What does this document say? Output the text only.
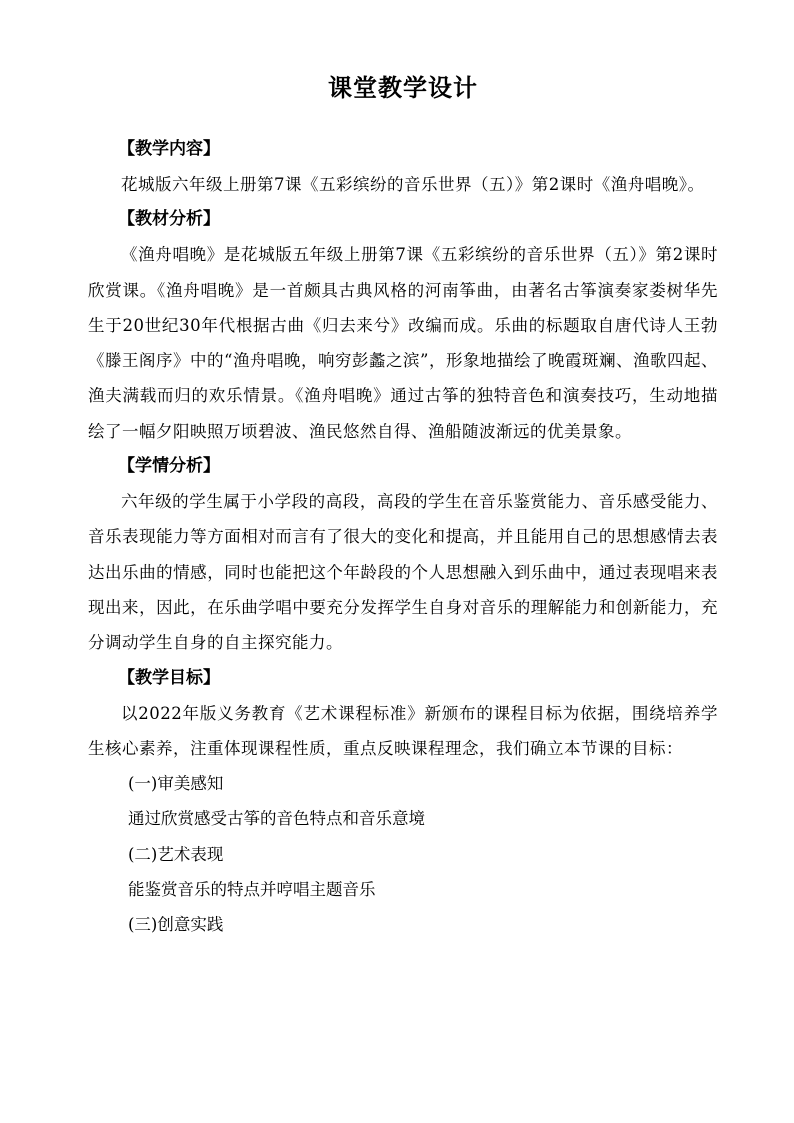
课堂教学设计
【教学内容】

花城版六年级上册第7课《五彩缤纷的音乐世界（五）》第2课时《渔舟唱晚》。

【教材分析】

《渔舟唱晚》是花城版五年级上册第7课《五彩缤纷的音乐世界（五）》第2课时欣赏课。《渔舟唱晚》是一首颇具古典风格的河南筝曲，由著名古筝演奏家娄树华先生于20世纪30年代根据古曲《归去来兮》改编而成。乐曲的标题取自唐代诗人王勃《滕王阁序》中的“渔舟唱晚，响穷彭蠡之滨”，形象地描绘了晚霞斑斓、渔歌四起、渔夫满载而归的欢乐情景。《渔舟唱晚》通过古筝的独特音色和演奏技巧，生动地描绘了一幅夕阳映照万顷碧波、渔民悠然自得、渔船随波渐远的优美景象。

【学情分析】

六年级的学生属于小学段的高段，高段的学生在音乐鉴赏能力、音乐感受能力、音乐表现能力等方面相对而言有了很大的变化和提高，并且能用自己的思想感情去表达出乐曲的情感，同时也能把这个年龄段的个人思想融入到乐曲中，通过表现唱来表现出来，因此，在乐曲学唱中要充分发挥学生自身对音乐的理解能力和创新能力，充分调动学生自身的自主探究能力。

【教学目标】

以2022年版义务教育《艺术课程标准》新颁布的课程目标为依据，围绕培养学生核心素养，注重体现课程性质，重点反映课程理念，我们确立本节课的目标：

(一)审美感知
通过欣赏感受古筝的音色特点和音乐意境
(二)艺术表现
能鉴赏音乐的特点并哼唱主题音乐
(三)创意实践
